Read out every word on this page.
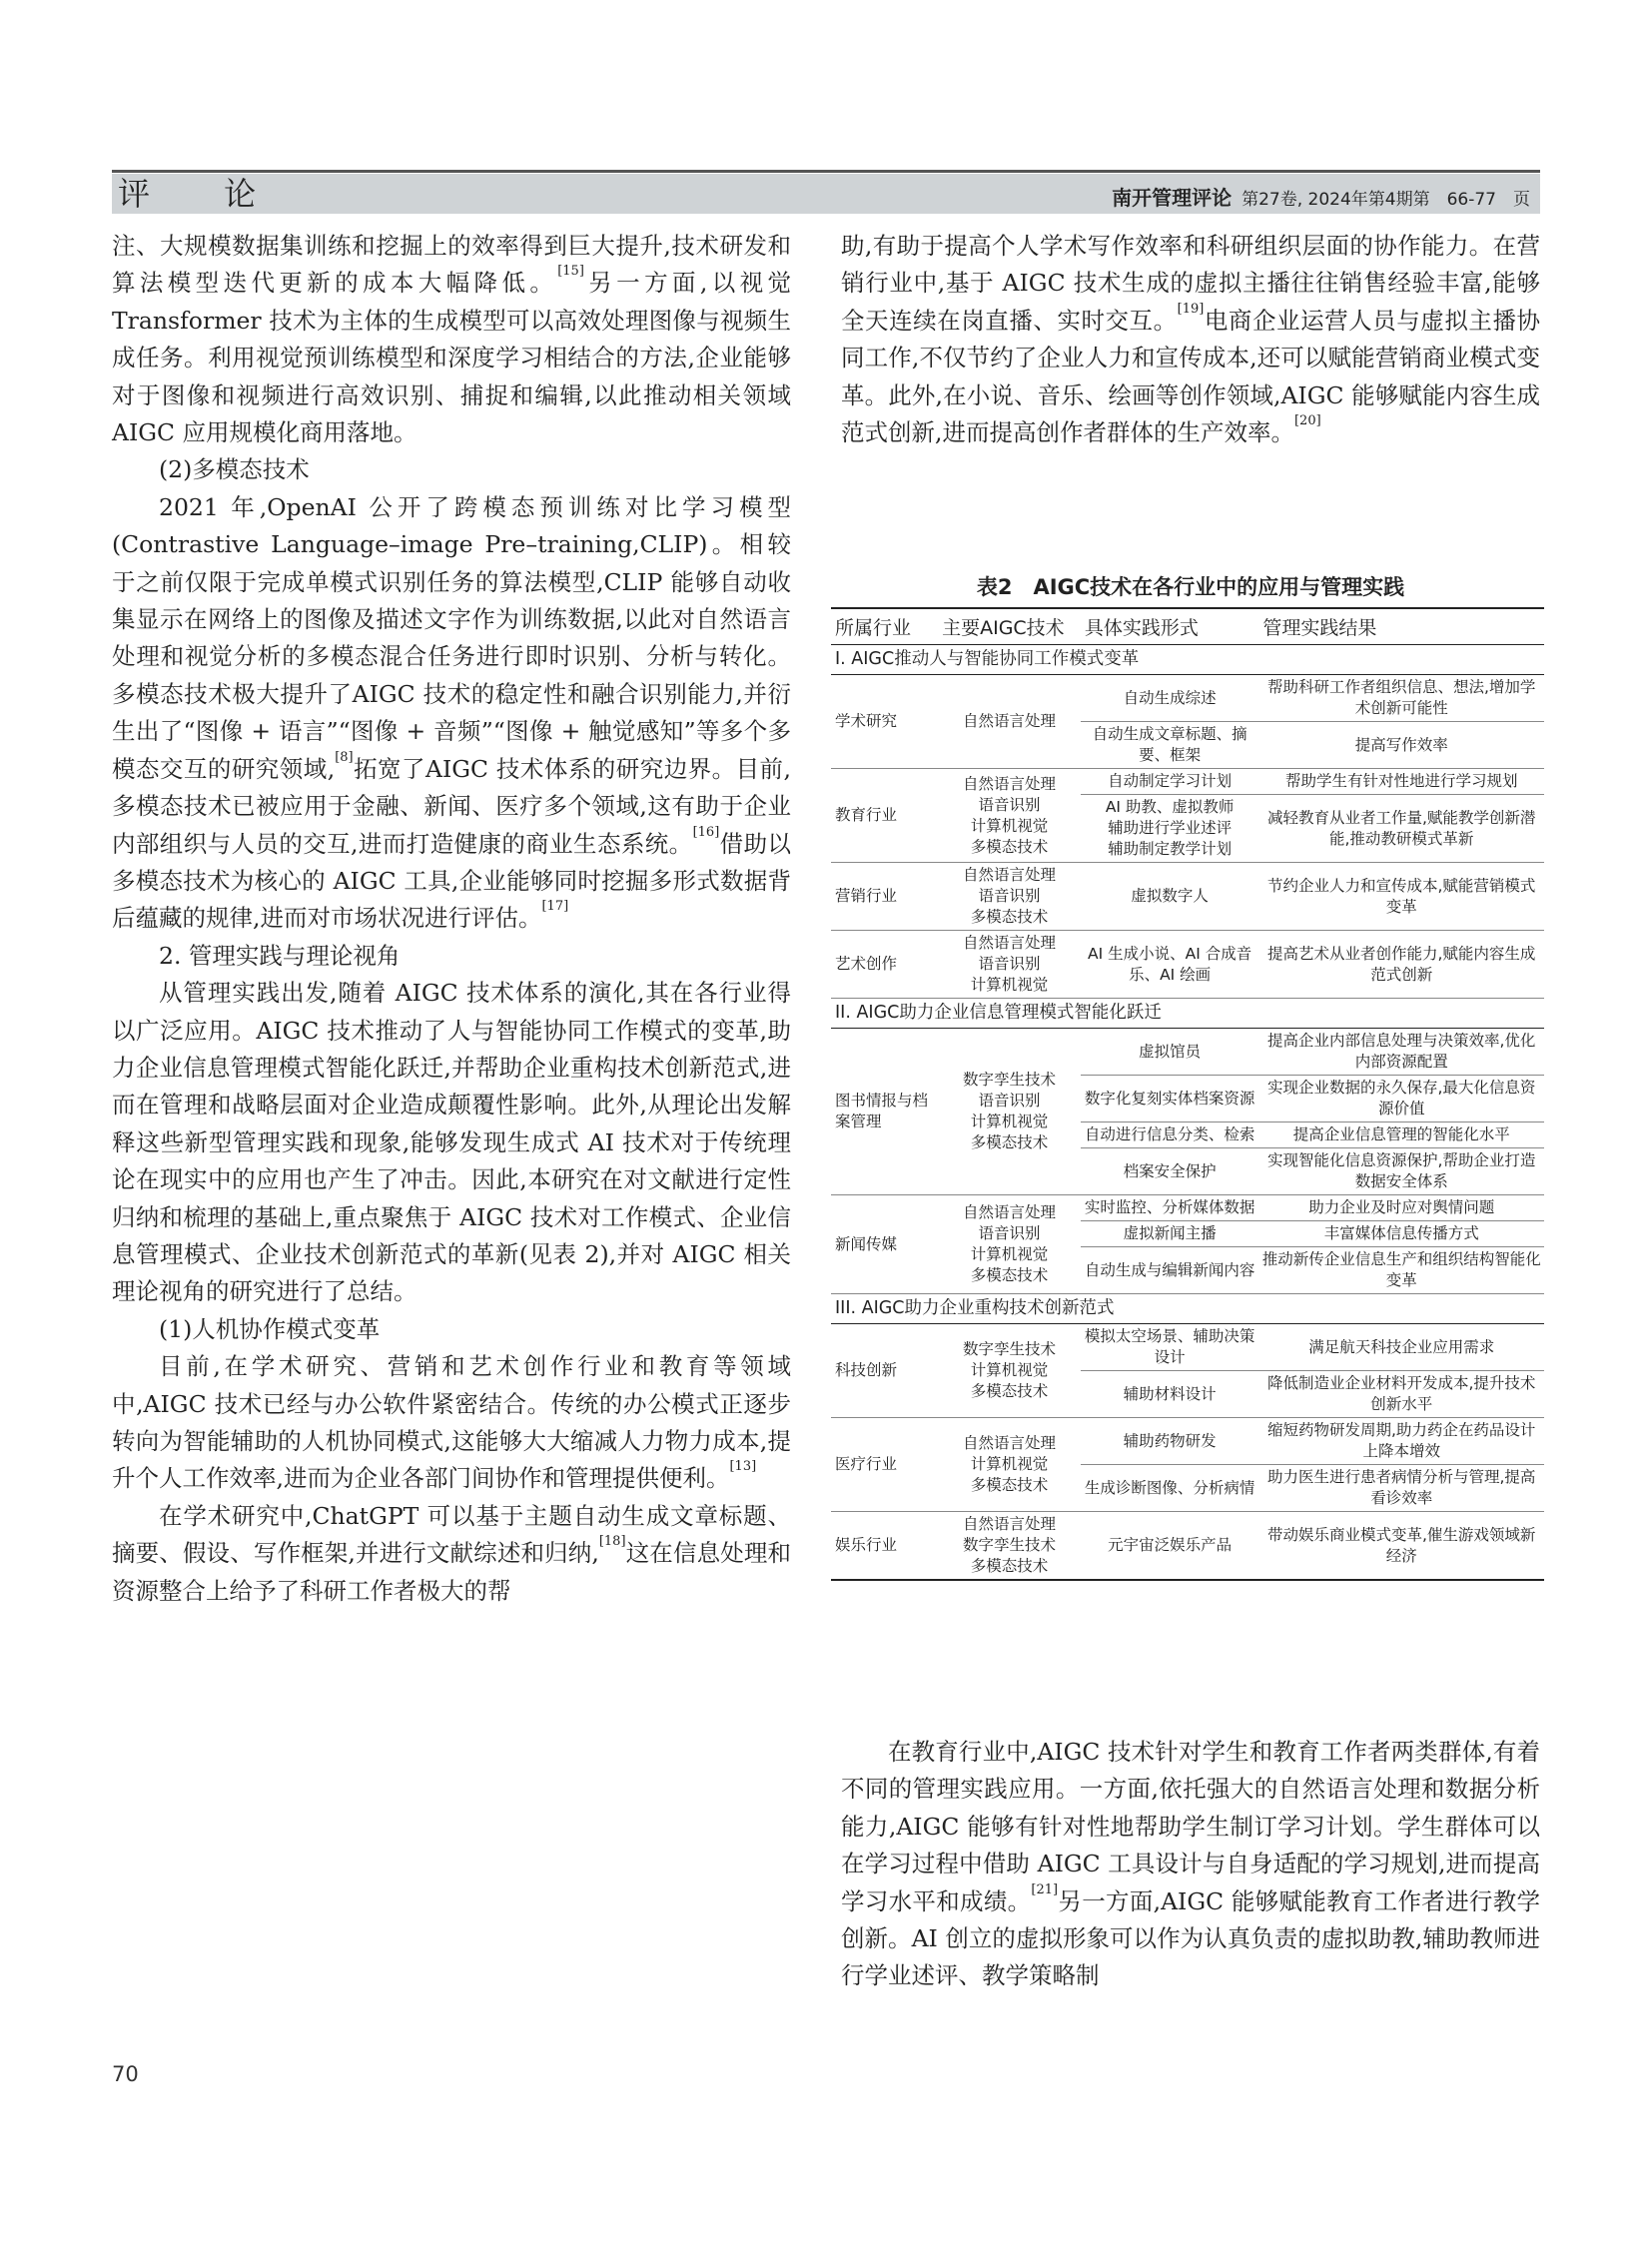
评 论	南开管理评论 第27卷, 2024年第4期第　66-77　页

注、大规模数据集训练和挖掘上的效率得到巨大提升,技术研发和算法模型迭代更新的成本大幅降低。[15]另一方面,以视觉 Transformer 技术为主体的生成模型可以高效处理图像与视频生成任务。利用视觉预训练模型和深度学习相结合的方法,企业能够对于图像和视频进行高效识别、捕捉和编辑,以此推动相关领域 AIGC 应用规模化商用落地。

(2)多模态技术

2021 年,OpenAI 公开了跨模态预训练对比学习模型(Contrastive Language–image Pre–training,CLIP)。相较于之前仅限于完成单模式识别任务的算法模型,CLIP 能够自动收集显示在网络上的图像及描述文字作为训练数据,以此对自然语言处理和视觉分析的多模态混合任务进行即时识别、分析与转化。多模态技术极大提升了AIGC 技术的稳定性和融合识别能力,并衍生出了“图像 + 语言”“图像 + 音频”“图像 + 触觉感知”等多个多模态交互的研究领域,[8]拓宽了AIGC 技术体系的研究边界。目前,多模态技术已被应用于金融、新闻、医疗多个领域,这有助于企业内部组织与人员的交互,进而打造健康的商业生态系统。[16]借助以多模态技术为核心的 AIGC 工具,企业能够同时挖掘多形式数据背后蕴藏的规律,进而对市场状况进行评估。[17]

2. 管理实践与理论视角

从管理实践出发,随着 AIGC 技术体系的演化,其在各行业得以广泛应用。AIGC 技术推动了人与智能协同工作模式的变革,助力企业信息管理模式智能化跃迁,并帮助企业重构技术创新范式,进而在管理和战略层面对企业造成颠覆性影响。此外,从理论出发解释这些新型管理实践和现象,能够发现生成式 AI 技术对于传统理论在现实中的应用也产生了冲击。因此,本研究在对文献进行定性归纳和梳理的基础上,重点聚焦于 AIGC 技术对工作模式、企业信息管理模式、企业技术创新范式的革新(见表 2),并对 AIGC 相关理论视角的研究进行了总结。

(1)人机协作模式变革

目前,在学术研究、营销和艺术创作行业和教育等领域中,AIGC 技术已经与办公软件紧密结合。传统的办公模式正逐步转向为智能辅助的人机协同模式,这能够大大缩减人力物力成本,提升个人工作效率,进而为企业各部门间协作和管理提供便利。[13]

在学术研究中,ChatGPT 可以基于主题自动生成文章标题、摘要、假设、写作框架,并进行文献综述和归纳,[18]这在信息处理和资源整合上给予了科研工作者极大的帮

助,有助于提高个人学术写作效率和科研组织层面的协作能力。在营销行业中,基于 AIGC 技术生成的虚拟主播往往销售经验丰富,能够全天连续在岗直播、实时交互。[19]电商企业运营人员与虚拟主播协同工作,不仅节约了企业人力和宣传成本,还可以赋能营销商业模式变革。此外,在小说、音乐、绘画等创作领域,AIGC 能够赋能内容生成范式创新,进而提高创作者群体的生产效率。[20]

表2　AIGC技术在各行业中的应用与管理实践
所属行业	主要AIGC技术	具体实践形式	管理实践结果
I. AIGC推动人与智能协同工作模式变革			
学术研究	自然语言处理	自动生成综述	帮助科研工作者组织信息、想法,增加学术创新可能性
		自动生成文章标题、摘要、框架	提高写作效率
教育行业	自然语言处理
语音识别
计算机视觉
多模态技术	自动制定学习计划	帮助学生有针对性地进行学习规划
		AI 助教、虚拟教师
辅助进行学业述评
辅助制定教学计划	减轻教育从业者工作量,赋能教学创新潜能,推动教研模式革新
营销行业	自然语言处理
语音识别
多模态技术	虚拟数字人	节约企业人力和宣传成本,赋能营销模式变革
艺术创作	自然语言处理
语音识别
计算机视觉	AI 生成小说、AI 合成音乐、AI 绘画	提高艺术从业者创作能力,赋能内容生成范式创新
II. AIGC助力企业信息管理模式智能化跃迁			
图书情报与档案管理	数字孪生技术
语音识别
计算机视觉
多模态技术	虚拟馆员	提高企业内部信息处理与决策效率,优化内部资源配置
		数字化复刻实体档案资源	实现企业数据的永久保存,最大化信息资源价值
		自动进行信息分类、检索	提高企业信息管理的智能化水平
		档案安全保护	实现智能化信息资源保护,帮助企业打造数据安全体系
新闻传媒	自然语言处理
语音识别
计算机视觉
多模态技术	实时监控、分析媒体数据	助力企业及时应对舆情问题
		虚拟新闻主播	丰富媒体信息传播方式
		自动生成与编辑新闻内容	推动新传企业信息生产和组织结构智能化变革
III. AIGC助力企业重构技术创新范式			
科技创新	数字孪生技术
计算机视觉
多模态技术	模拟太空场景、辅助决策设计	满足航天科技企业应用需求
		辅助材料设计	降低制造业企业材料开发成本,提升技术创新水平
医疗行业	自然语言处理
计算机视觉
多模态技术	辅助药物研发	缩短药物研发周期,助力药企在药品设计上降本增效
		生成诊断图像、分析病情	助力医生进行患者病情分析与管理,提高看诊效率
娱乐行业	自然语言处理
数字孪生技术
多模态技术	元宇宙泛娱乐产品	带动娱乐商业模式变革,催生游戏领域新经济

在教育行业中,AIGC 技术针对学生和教育工作者两类群体,有着不同的管理实践应用。一方面,依托强大的自然语言处理和数据分析能力,AIGC 能够有针对性地帮助学生制订学习计划。学生群体可以在学习过程中借助 AIGC 工具设计与自身适配的学习规划,进而提高学习水平和成绩。[21]另一方面,AIGC 能够赋能教育工作者进行教学创新。AI 创立的虚拟形象可以作为认真负责的虚拟助教,辅助教师进行学业述评、教学策略制

70
